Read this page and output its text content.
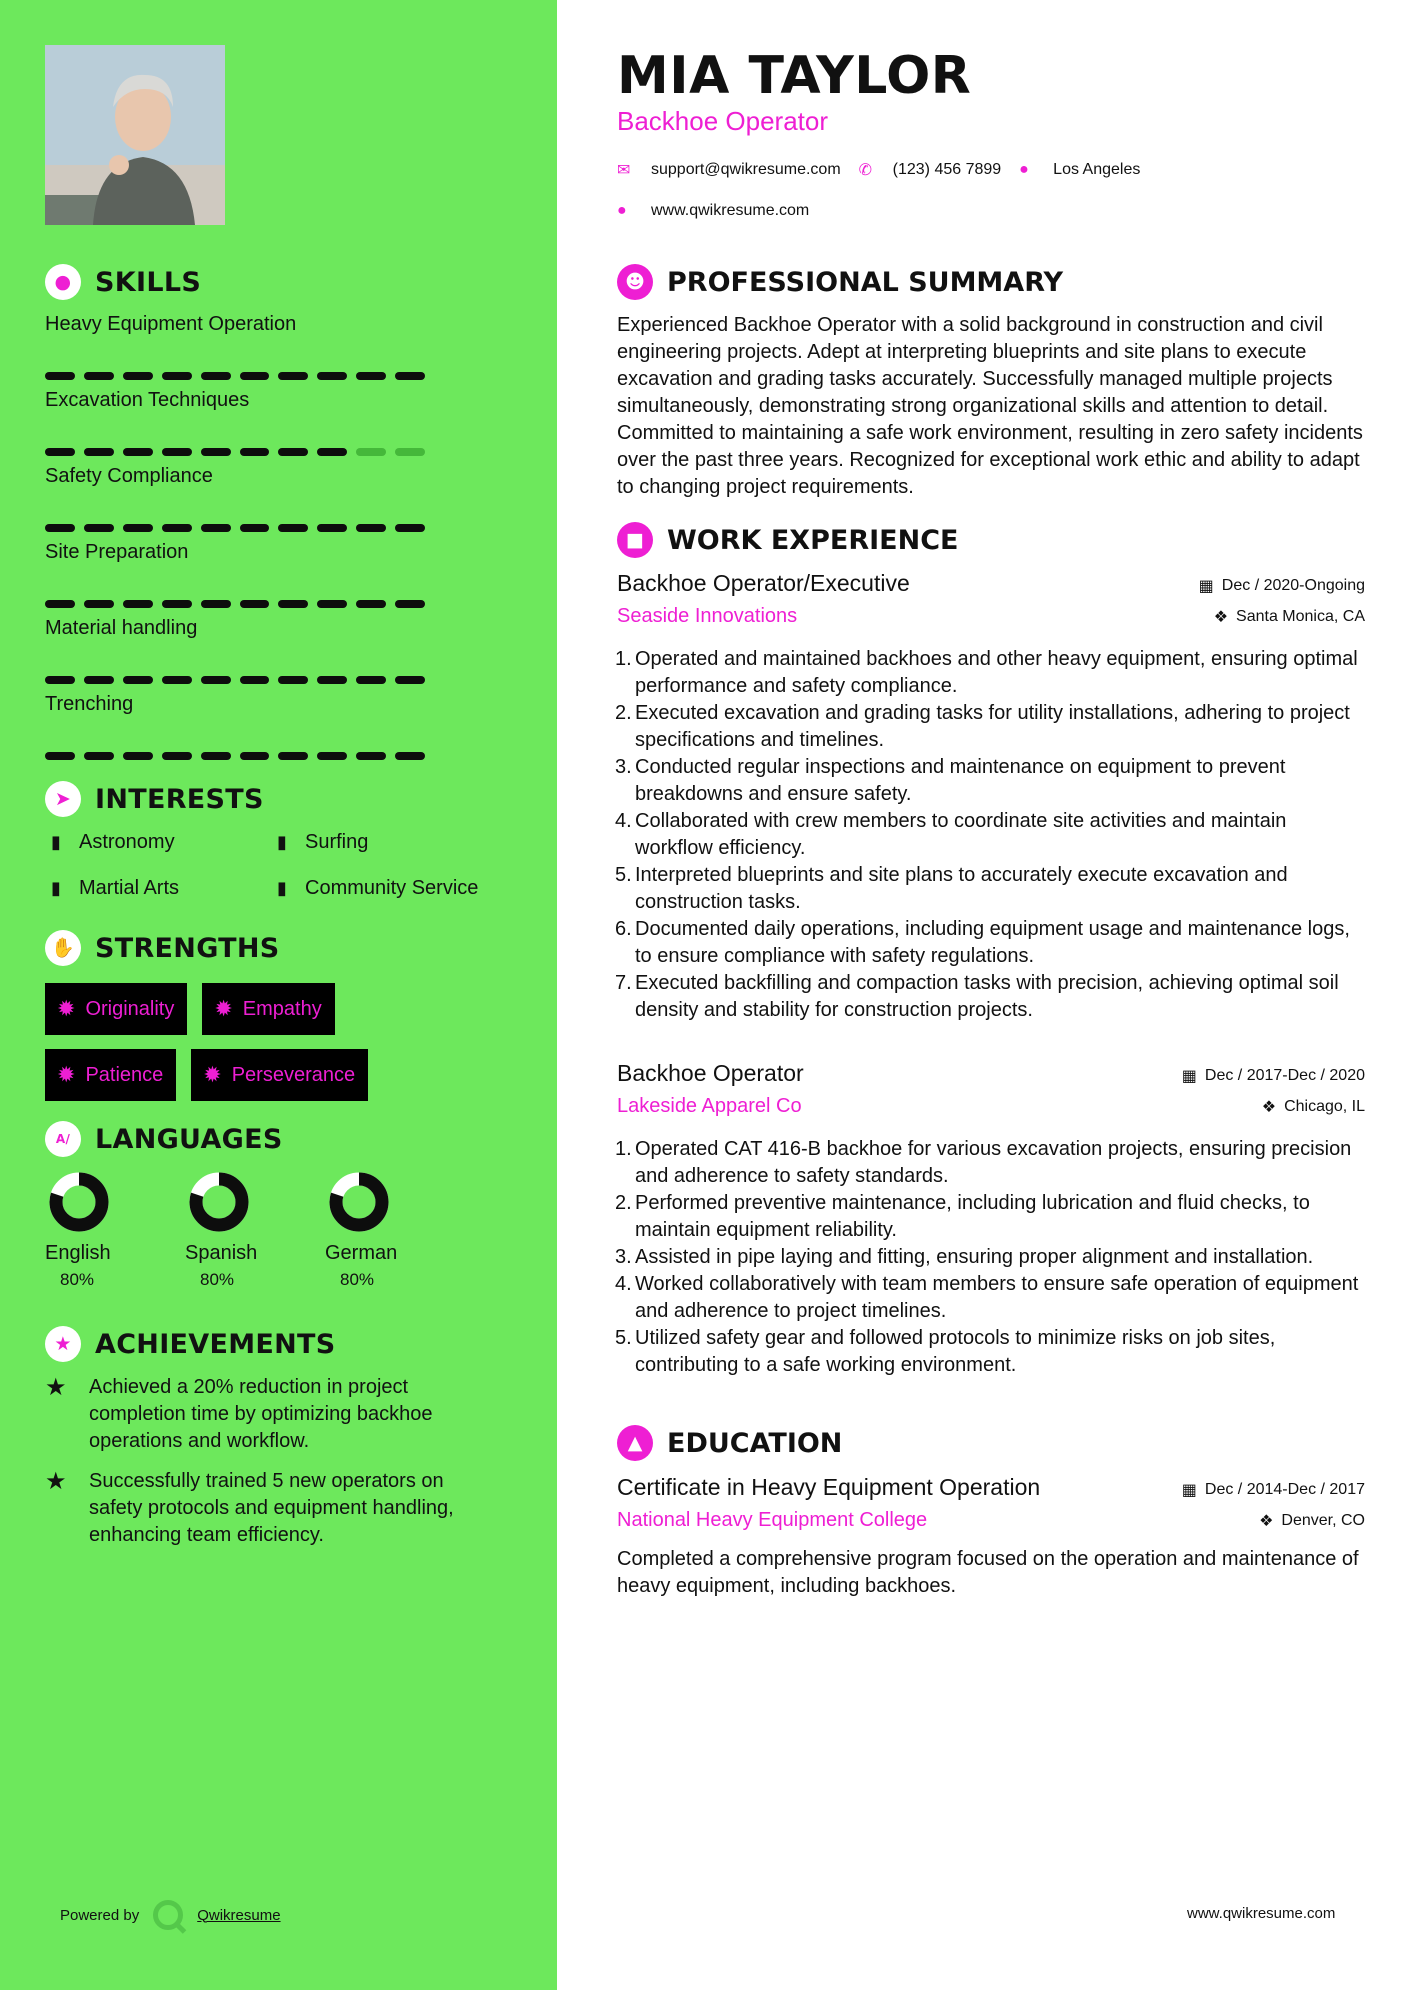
● SKILLS
Heavy Equipment Operation
Excavation Techniques
Safety Compliance
Site Preparation
Material handling
Trenching
➤ INTERESTS
▮ Astronomy	▮ Surfing
▮ Martial Arts	▮ Community Service
✋ STRENGTHS
✹ Originality ✹ Empathy
✹ Patience ✹ Perseverance
A/ LANGUAGES
English
80%
Spanish
80%
German
80%
★ ACHIEVEMENTS
★	Achieved a 20% reduction in project completion time by optimizing backhoe operations and workflow.
★	Successfully trained 5 new operators on safety protocols and equipment handling, enhancing team efficiency.
Powered by	Qwikresume
MIA TAYLOR
Backhoe Operator
✉	support@qwikresume.com ✆	(123) 456 7899 ●	Los Angeles
●	www.qwikresume.com
☻ PROFESSIONAL SUMMARY
Experienced Backhoe Operator with a solid background in construction and civil engineering projects. Adept at interpreting blueprints and site plans to execute excavation and grading tasks accurately. Successfully managed multiple projects simultaneously, demonstrating strong organizational skills and attention to detail. Committed to maintaining a safe work environment, resulting in zero safety incidents over the past three years. Recognized for exceptional work ethic and ability to adapt to changing project requirements.
■ WORK EXPERIENCE
Backhoe Operator/Executive	▦ Dec / 2020-Ongoing
Seaside Innovations	❖ Santa Monica, CA
1. Operated and maintained backhoes and other heavy equipment, ensuring optimal performance and safety compliance.
2. Executed excavation and grading tasks for utility installations, adhering to project specifications and timelines.
3. Conducted regular inspections and maintenance on equipment to prevent breakdowns and ensure safety.
4. Collaborated with crew members to coordinate site activities and maintain workflow efficiency.
5. Interpreted blueprints and site plans to accurately execute excavation and construction tasks.
6. Documented daily operations, including equipment usage and maintenance logs, to ensure compliance with safety regulations.
7. Executed backfilling and compaction tasks with precision, achieving optimal soil density and stability for construction projects.
Backhoe Operator	▦ Dec / 2017-Dec / 2020
Lakeside Apparel Co	❖ Chicago, IL
1. Operated CAT 416-B backhoe for various excavation projects, ensuring precision and adherence to safety standards.
2. Performed preventive maintenance, including lubrication and fluid checks, to maintain equipment reliability.
3. Assisted in pipe laying and fitting, ensuring proper alignment and installation.
4. Worked collaboratively with team members to ensure safe operation of equipment and adherence to project timelines.
5. Utilized safety gear and followed protocols to minimize risks on job sites, contributing to a safe working environment.
▲ EDUCATION
Certificate in Heavy Equipment Operation	▦ Dec / 2014-Dec / 2017
National Heavy Equipment College	❖ Denver, CO
Completed a comprehensive program focused on the operation and maintenance of heavy equipment, including backhoes.
www.qwikresume.com
